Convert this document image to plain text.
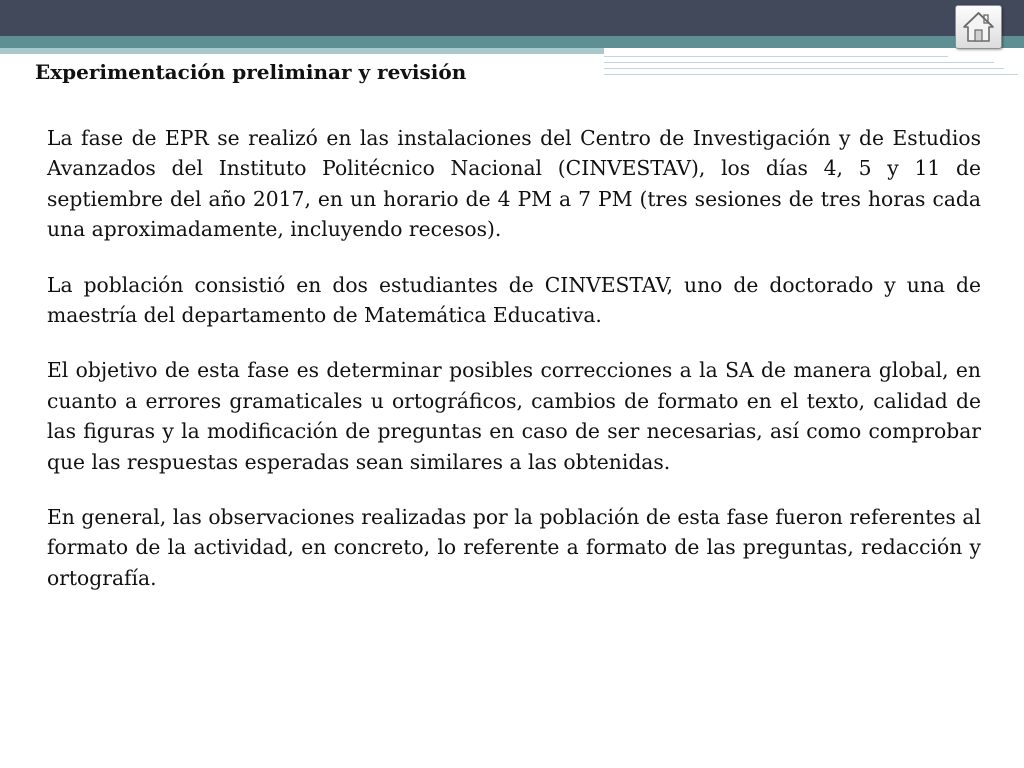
Experimentación preliminar y revisión

La fase de EPR se realizó en las instalaciones del Centro de Investigación y de Estudios Avanzados del Instituto Politécnico Nacional (CINVESTAV), los días 4, 5 y 11 de septiembre del año 2017, en un horario de 4 PM a 7 PM (tres sesiones de tres horas cada una aproximadamente, incluyendo recesos).

La población consistió en dos estudiantes de CINVESTAV, uno de doctorado y una de maestría del departamento de Matemática Educativa.

El objetivo de esta fase es determinar posibles correcciones a la SA de manera global, en cuanto a errores gramaticales u ortográficos, cambios de formato en el texto, calidad de las figuras y la modificación de preguntas en caso de ser necesarias, así como comprobar que las respuestas esperadas sean similares a las obtenidas.

En general, las observaciones realizadas por la población de esta fase fueron referentes al formato de la actividad, en concreto, lo referente a formato de las preguntas, redacción y ortografía.
